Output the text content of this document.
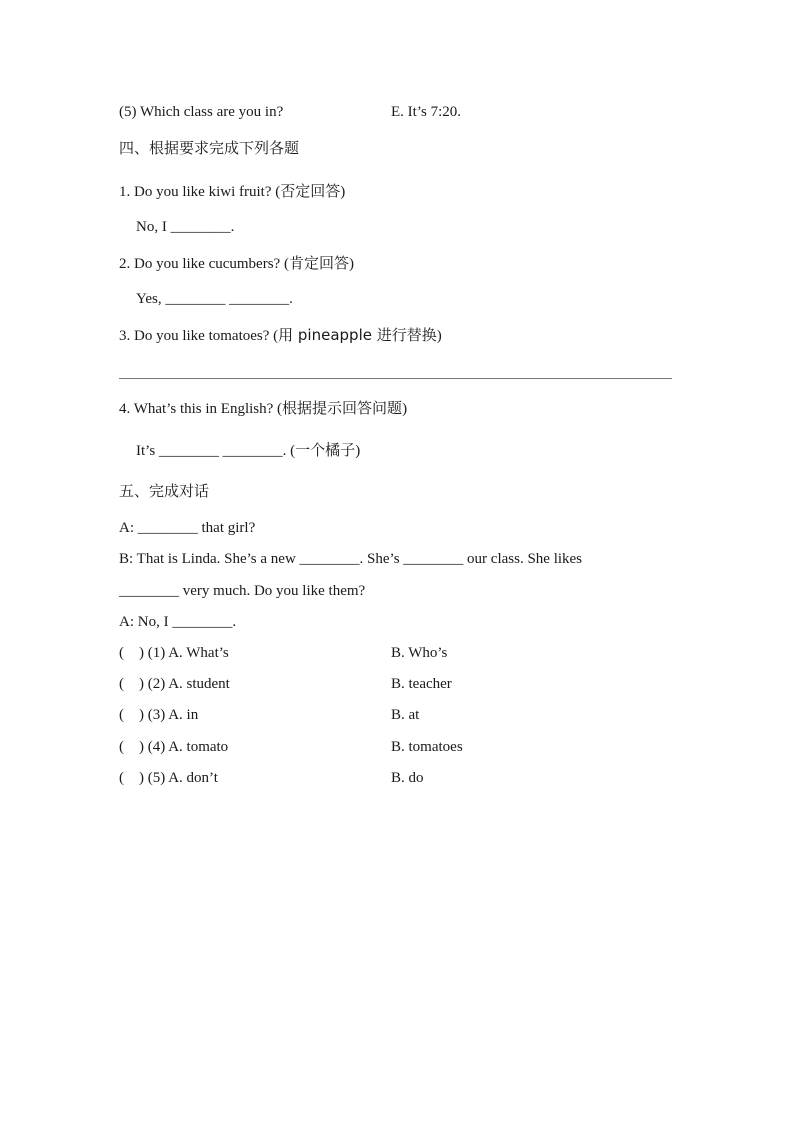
(5) Which class are you in?	E. It’s 7:20.
四、根据要求完成下列各题
1. Do you like kiwi fruit? (否定回答)
No, I ________.
2. Do you like cucumbers? (肯定回答)
Yes, ________ ________.
3. Do you like tomatoes? (用 pineapple 进行替换)
4. What’s this in English? (根据提示回答问题)
It’s ________ ________. (一个橘子)
五、完成对话
A: ________ that girl?
B: That is Linda. She’s a new ________. She’s ________ our class. She likes
________ very much. Do you like them?
A: No, I ________.
(    ) (1) A. What’s	B. Who’s
(    ) (2) A. student	B. teacher
(    ) (3) A. in	B. at
(    ) (4) A. tomato	B. tomatoes
(    ) (5) A. don’t	B. do
